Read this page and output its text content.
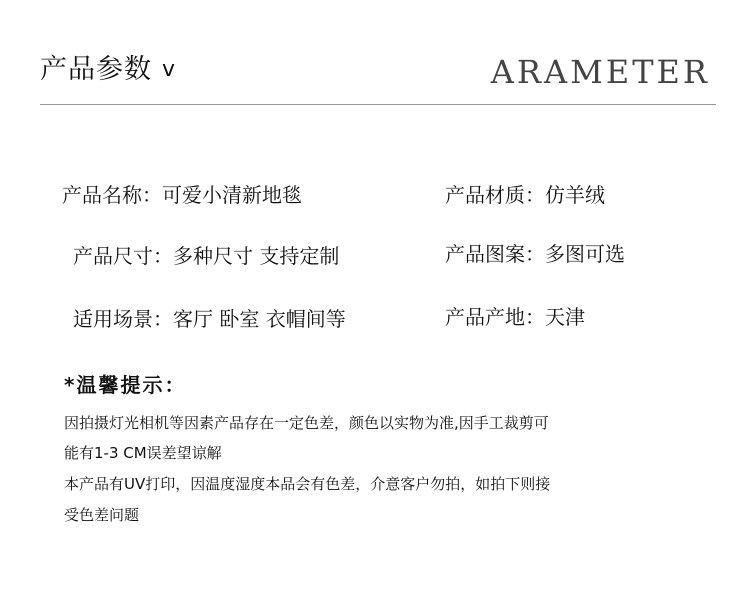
产品参数 v	ARAMETER
产品名称：可爱小清新地毯	产品材质：仿羊绒
产品尺寸：多种尺寸 支持定制	产品图案：多图可选
适用场景：客厅 卧室 衣帽间等	产品产地：天津
*温馨提示：
因拍摄灯光相机等因素产品存在一定色差，颜色以实物为准,因手工裁剪可
能有1-3 CM误差望谅解
本产品有UV打印，因温度湿度本品会有色差，介意客户勿拍，如拍下则接
受色差问题
